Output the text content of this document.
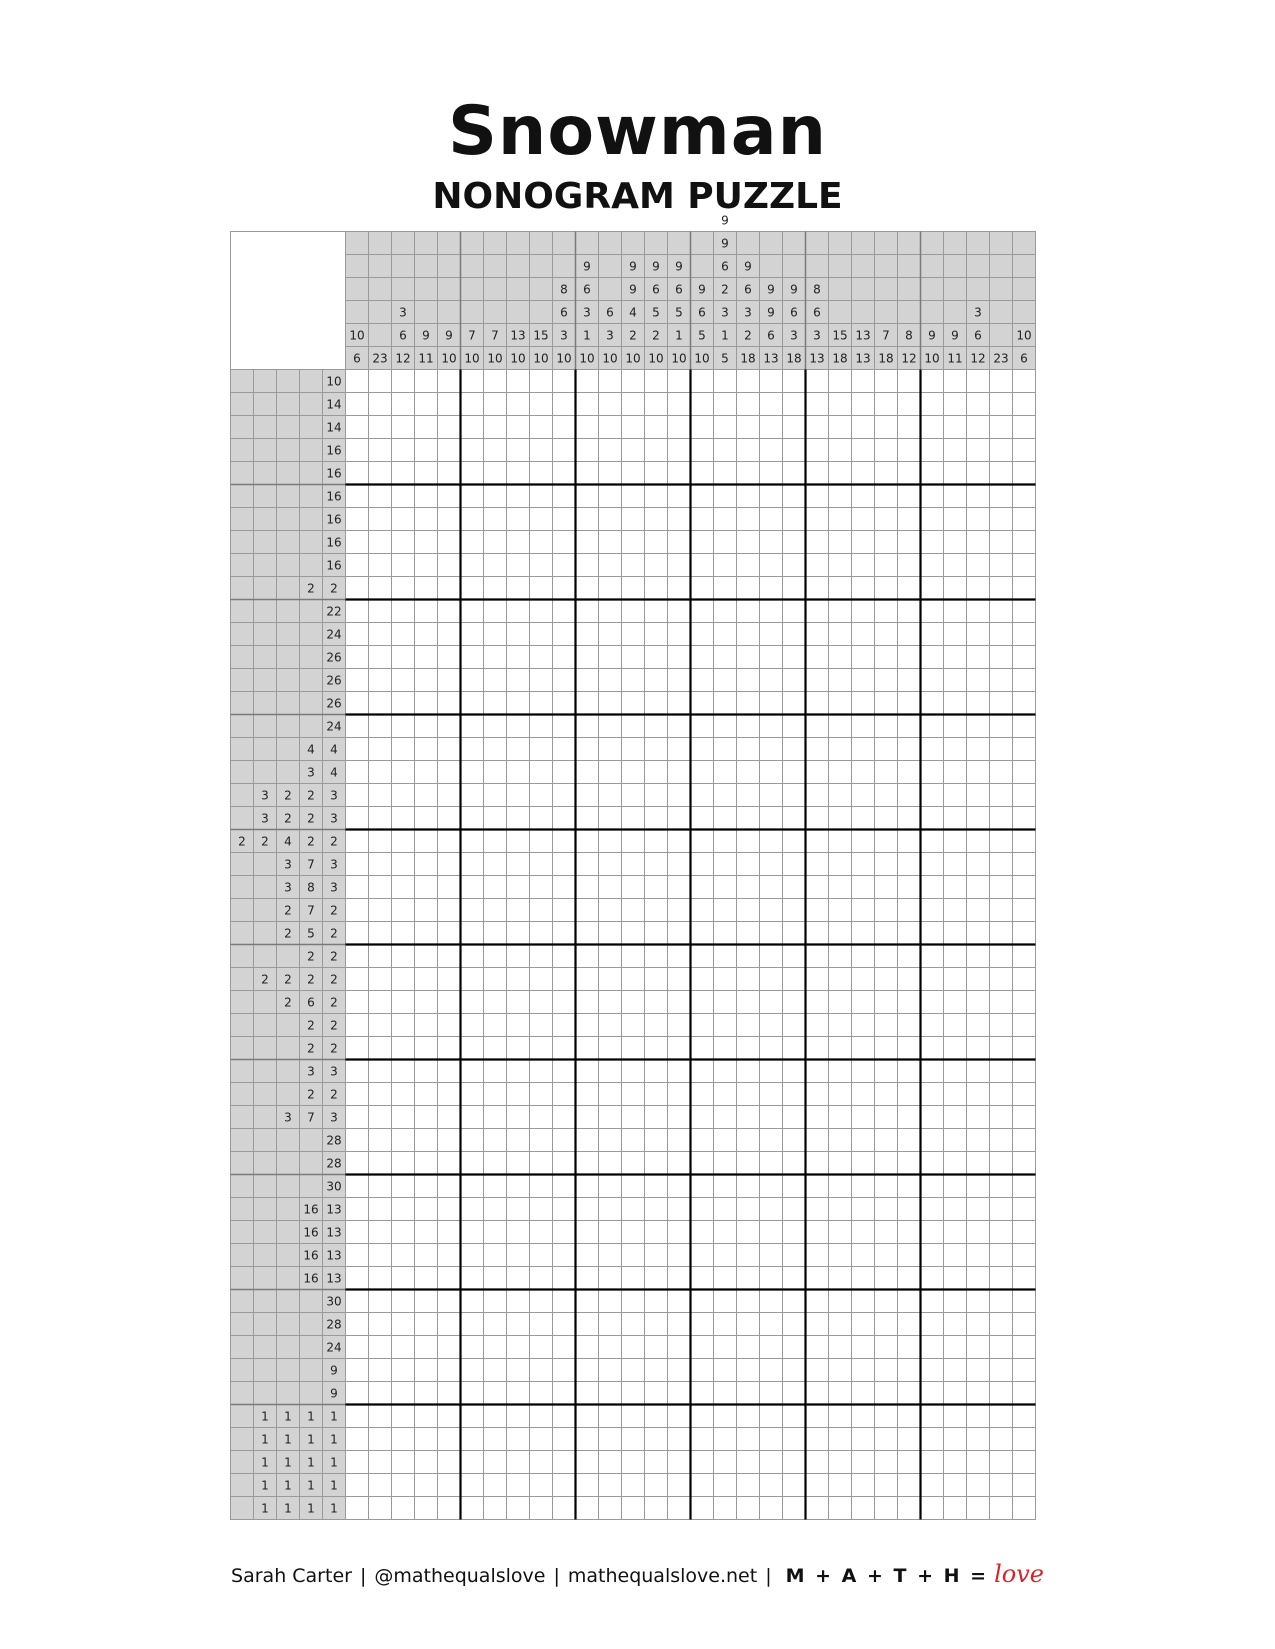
Snowman
NONOGRAM PUZZLE
10
6 23
3
6
12
9
11
9
10
7
10
7
10
13
10
15
10
8
6
3
10
9
6
3
1
10
6
3
10
9
9
4
2
10
9
6
5
2
10
9
6
5
1
10
9
6
5
10
9
9
6
2
3
1
5
9
6
3
2
18
9
9
6
13
9
6
3
18
8
6
3
13
15
18
13
13
7
18
8
12
9
10
9
11
3
6
12 23
10
6
10
14
14
16
16
16
16
16
16
2 2
22
24
26
26
26
24
4 4
3 4
3 2 2 3
3 2 2 3
2 2 4 2 2
3 7 3
3 8 3
2 7 2
2 5 2
2 2
2 2 2 2
2 6 2
2 2
2 2
3 3
2 2
3 7 3
28
28
30
16 13
16 13
16 13
16 13
30
28
24
9
9
1 1 1 1
1 1 1 1
1 1 1 1
1 1 1 1
1 1 1 1
Sarah Carter | @mathequalslove | mathequalslove.net | M + A + T + H = love
